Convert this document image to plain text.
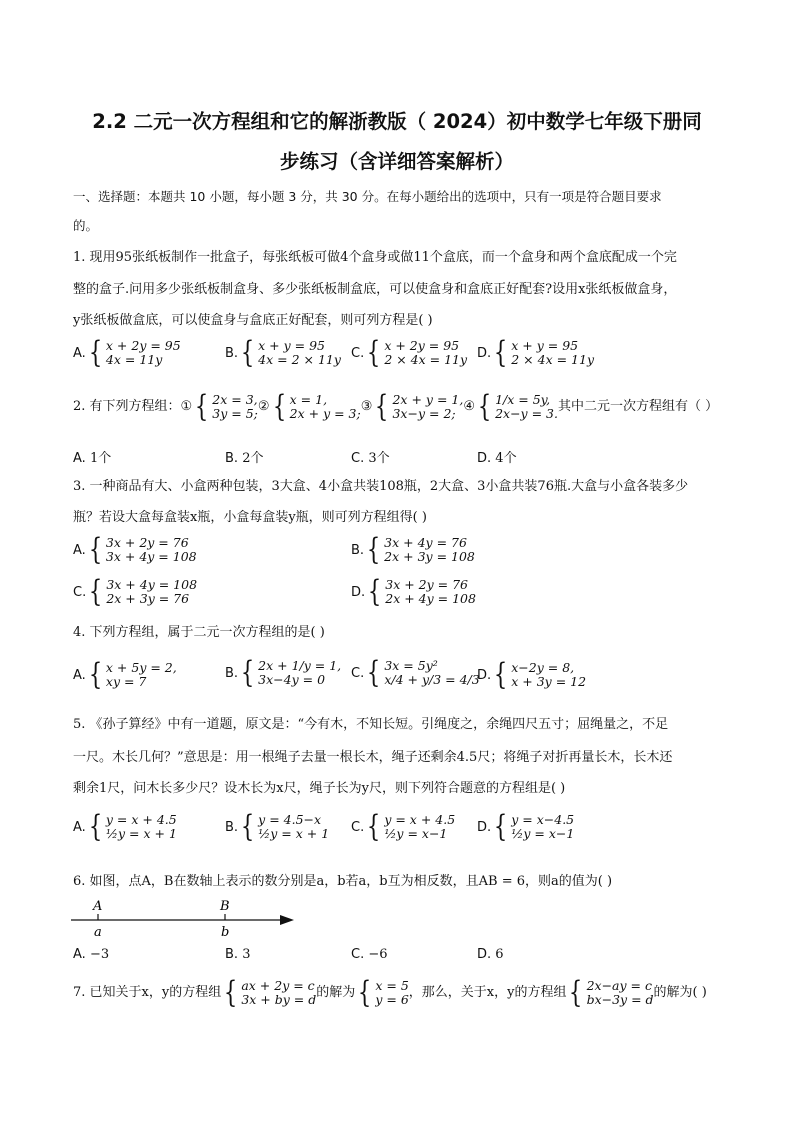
2.2 二元一次方程组和它的解浙教版（ 2024）初中数学七年级下册同
步练习（含详细答案解析）
一、选择题：本题共 10 小题，每小题 3 分，共 30 分。在每小题给出的选项中，只有一项是符合题目要求
的。
1. 现用95张纸板制作一批盒子，每张纸板可做4个盒身或做11个盒底，而一个盒身和两个盒底配成一个完
整的盒子.问用多少张纸板制盒身、多少张纸板制盒底，可以使盒身和盒底正好配套?设用x张纸板做盒身，
y张纸板做盒底，可以使盒身与盒底正好配套，则可列方程是( )
A. { x + 2y = 95
4x = 11y	B. { x + y = 95
4x = 2 × 11y C. { x + 2y = 95
2 × 4x = 11y D. { x + y = 95
2 × 4x = 11y
2. 有下列方程组： ① { 2x = 3,
3y = 5; ② { x = 1,
2x + y = 3; ③ { 2x + y = 1,
3x−y = 2; ④ { 1/x = 5y,
2x−y = 3. 其中二元一次方程组有（ ）
A. 1个	B. 2个	C. 3个	D. 4个
3. 一种商品有大、小盒两种包装，3大盒、4小盒共装108瓶，2大盒、3小盒共装76瓶.大盒与小盒各装多少
瓶？若设大盒每盒装x瓶，小盒每盒装y瓶，则可列方程组得( )
A. { 3x + 2y = 76
3x + 4y = 108	B. { 3x + 4y = 76
2x + 3y = 108
C. { 3x + 4y = 108
2x + 3y = 76	D. { 3x + 2y = 76
2x + 4y = 108
4. 下列方程组，属于二元一次方程组的是( )
A. { x + 5y = 2,
xy = 7
B. { 2x + 1/y = 1,
3x−4y = 0	C. { 3x = 5y²
x/4 + y/3 = 4/3
D. { x−2y = 8,
x + 3y = 12
5. 《孙子算经》中有一道题，原文是：“今有木，不知长短。引绳度之，余绳四尺五寸；屈绳量之，不足
一尺。木长几何？”意思是：用一根绳子去量一根长木，绳子还剩余4.5尺；将绳子对折再量长木，长木还
剩余1尺，问木长多少尺？设木长为x尺，绳子长为y尺，则下列符合题意的方程组是( )
A. { y = x + 4.5
½y = x + 1	B. { y = 4.5−x
½y = x + 1 C. { y = x + 4.5
½y = x−1	D. { y = x−4.5
½y = x−1
6. 如图，点A，B在数轴上表示的数分别是a，b若a，b互为相反数，且AB = 6，则a的值为( )
A	B
a	b
A. −3	B. 3	C. −6	D. 6
7. 已知关于x，y的方程组 { ax + 2y = c
3x + by = d 的解为 { x = 5
y = 6 ，那么，关于x，y的方程组 { 2x−ay = c
bx−3y = d 的解为( )
